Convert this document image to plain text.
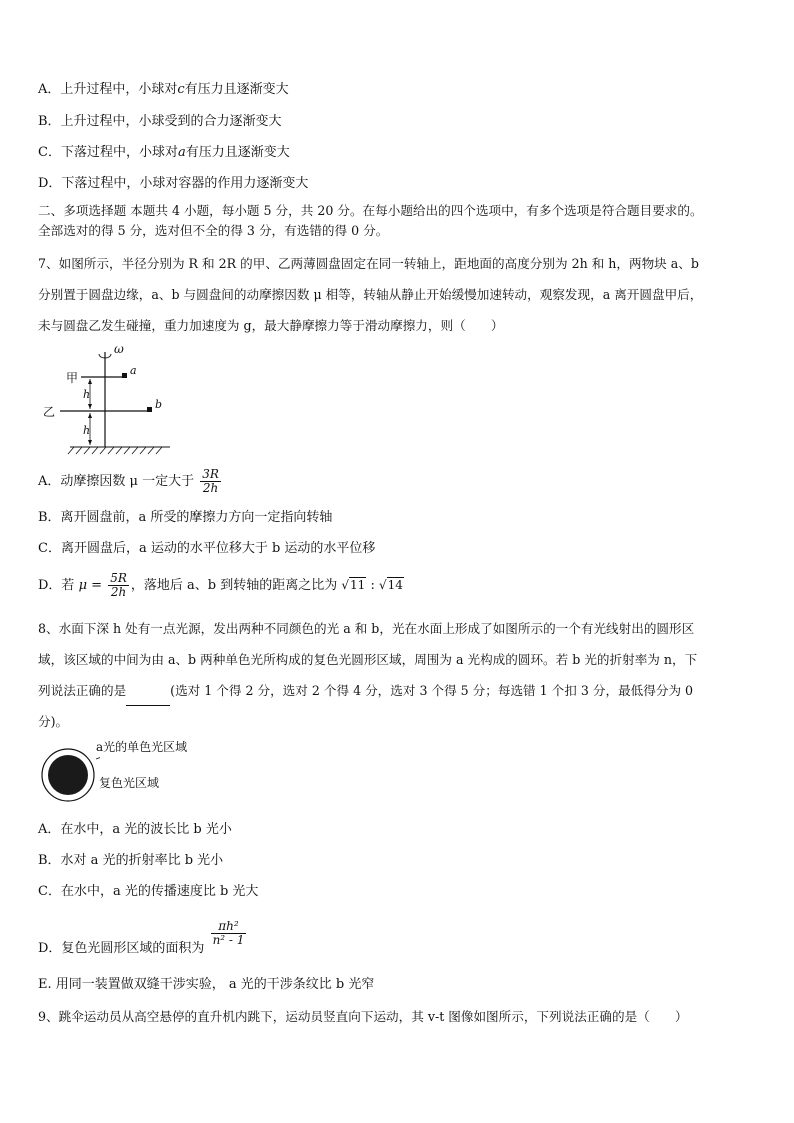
A．上升过程中，小球对c有压力且逐渐变大
B．上升过程中，小球受到的合力逐渐变大
C．下落过程中，小球对a有压力且逐渐变大
D．下落过程中，小球对容器的作用力逐渐变大
二、多项选择题 本题共 4 小题，每小题 5 分，共 20 分。在每小题给出的四个选项中，有多个选项是符合题目要求的。
全部选对的得 5 分，选对但不全的得 3 分，有选错的得 0 分。
7、如图所示，半径分别为 R 和 2R 的甲、乙两薄圆盘固定在同一转轴上，距地面的高度分别为 2h 和 h，两物块 a、b
分别置于圆盘边缘，a、b 与圆盘间的动摩擦因数 μ 相等，转轴从静止开始缓慢加速转动，观察发现，a 离开圆盘甲后，
未与圆盘乙发生碰撞，重力加速度为 g，最大静摩擦力等于滑动摩擦力，则（　　）
ω
甲
乙
a
b
h
h
A．动摩擦因数 μ 一定大于 $\frac{3R}{2h}$
B．离开圆盘前，a 所受的摩擦力方向一定指向转轴
C．离开圆盘后，a 运动的水平位移大于 b 运动的水平位移
D．若 $\mu = \frac{5R}{2h}$ ，落地后 a、b 到转轴的距离之比为 √11 : √14
8、水面下深 h 处有一点光源，发出两种不同颜色的光 a 和 b，光在水面上形成了如图所示的一个有光线射出的圆形区
域，该区域的中间为由 a、b 两种单色光所构成的复色光圆形区域，周围为 a 光构成的圆环。若 b 光的折射率为 n，下
列说法正确的是	(选对 1 个得 2 分，选对 2 个得 4 分，选对 3 个得 5 分；每选错 1 个扣 3 分，最低得分为 0
分)。
a光的单色光区域
复色光区域
A．在水中，a 光的波长比 b 光小
B．水对 a 光的折射率比 b 光小
C．在水中，a 光的传播速度比 b 光大
D．复色光圆形区域的面积为
$\frac{\text{πh²}}{\text{n² - 1}}$
E. 用同一装置做双缝干涉实验， a 光的干涉条纹比 b 光窄
9、跳伞运动员从高空悬停的直升机内跳下，运动员竖直向下运动，其 v-t 图像如图所示，下列说法正确的是（　　）
